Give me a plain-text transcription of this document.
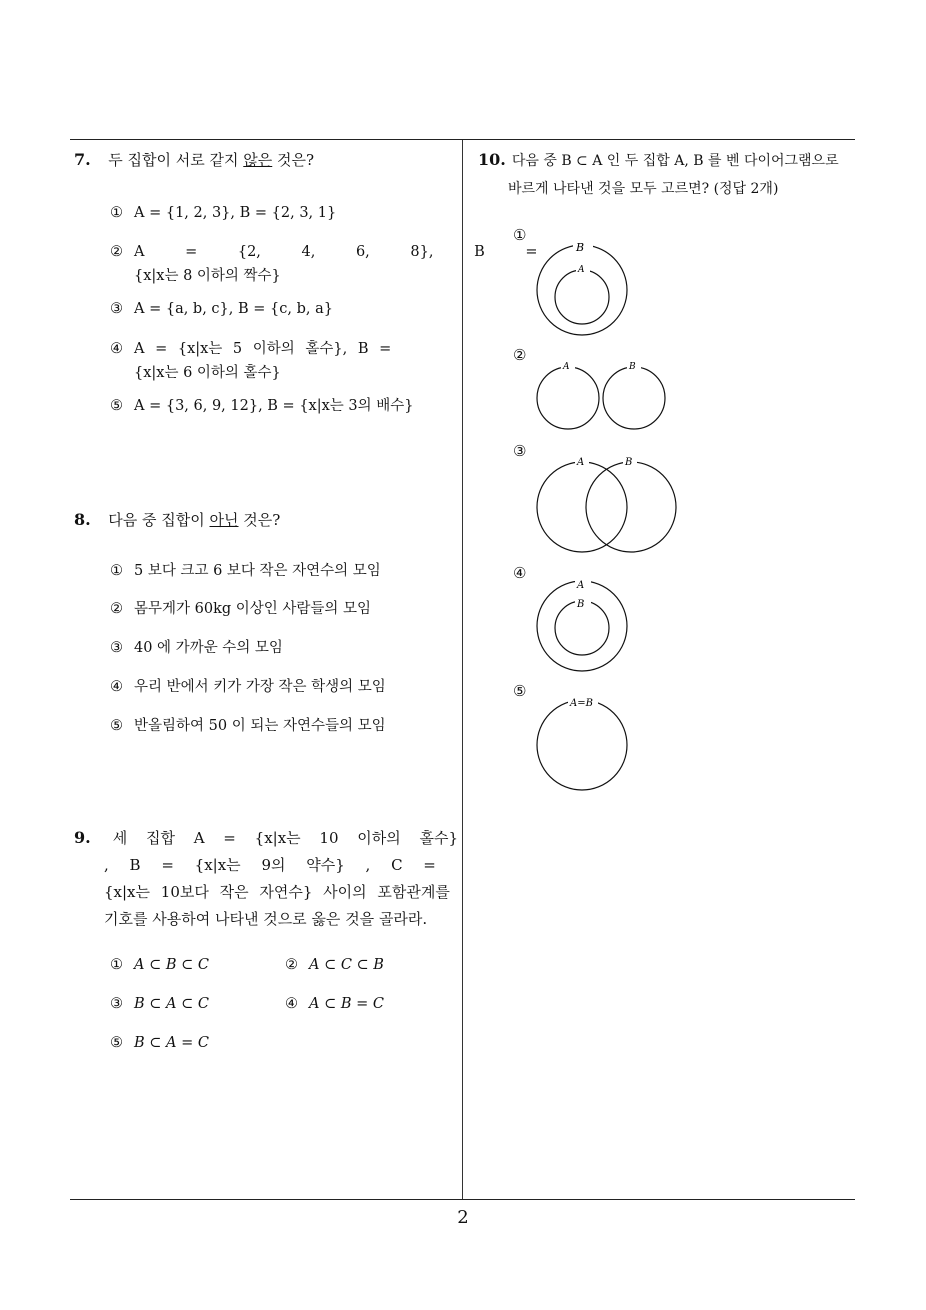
7. 두 집합이 서로 같지 않은 것은?
① A = {1, 2, 3}, B = {2, 3, 1}
② A = {2, 4, 6, 8}, B =
{x|x는 8 이하의 짝수}
③ A = {a, b, c}, B = {c, b, a}
④ A = {x|x는 5 이하의 홀수}, B =
{x|x는 6 이하의 홀수}
⑤ A = {3, 6, 9, 12}, B = {x|x는 3의 배수}
8. 다음 중 집합이 아닌 것은?
① 5 보다 크고 6 보다 작은 자연수의 모임
② 몸무게가 60kg 이상인 사람들의 모임
③ 40 에 가까운 수의 모임
④ 우리 반에서 키가 가장 작은 학생의 모임
⑤ 반올림하여 50 이 되는 자연수들의 모임
9. 세 집합 A = {x|x는 10 이하의 홀수}
, B = {x|x는 9의 약수} , C =
{x|x는 10보다 작은 자연수} 사이의 포함관계를
기호를 사용하여 나타낸 것으로 옳은 것을 골라라.
① A ⊂ B ⊂ C	② A ⊂ C ⊂ B
③ B ⊂ A ⊂ C	④ A ⊂ B = C
⑤ B ⊂ A = C
10. 다음 중 B ⊂ A 인 두 집합 A, B 를 벤 다이어그램으로
바르게 나타낸 것을 모두 고르면? (정답 2개)
①
B
A
②
A	B
③
A	B
④
A
B
⑤
A=B
2
